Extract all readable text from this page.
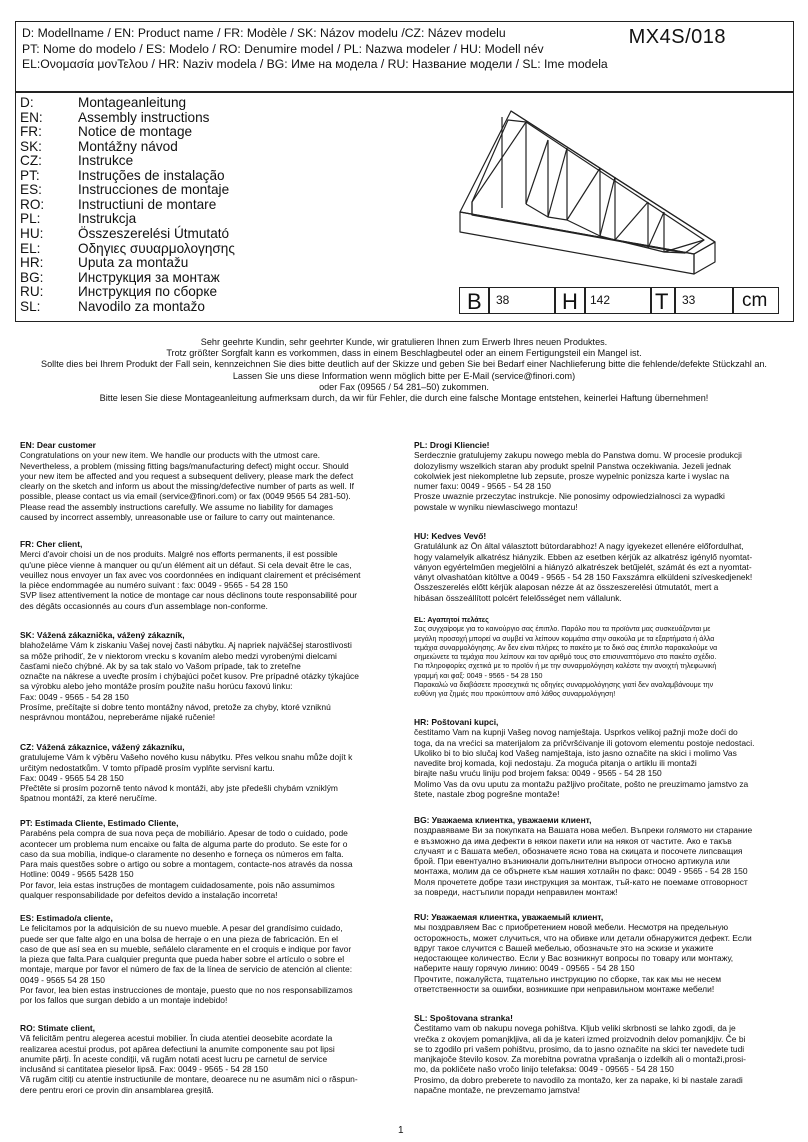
D: Modellname / EN: Product name / FR: Modèle / SK: Názov modelu /CZ: Název modelu
PT: Nome do modelo / ES: Modelo / RO: Denumire model / PL: Nazwa modeler / HU: Modell név
EL:Ονομασία μονΤελου / HR: Naziv modela / BG: Име на модела / RU: Название модели / SL: Ime modela
MX4S/018
D:	Montageanleitung
EN:	Assembly instructions
FR:	Notice de montage
SK:	Montážny návod
CZ:	Instrukce
PT:	Instruções de instalação
ES:	Instrucciones de montaje
RO: Instructiuni de montare
PL:	Instrukcja
HU:	Összeszerelési Útmutató
EL:	Οδηγιες συυαρμολογησης
HR:	Uputa za montažu
BG:	Инструкция за монтаж
RU:	Инструкция по сборке
SL:	Navodilo za montažo	B 38 H 142 T 33 cm
Sehr geehrte Kundin, sehr geehrter Kunde, wir gratulieren Ihnen zum Erwerb Ihres neuen Produktes.
Trotz größter Sorgfalt kann es vorkommen, dass in einem Beschlagbeutel oder an einem Fertigungsteil ein Mangel ist.
Sollte dies bei Ihrem Produkt der Fall sein, kennzeichnen Sie dies bitte deutlich auf der Skizze und geben Sie bei Bedarf einer Nachlieferung bitte die fehlende/defekte Stückzahl an.
Lassen Sie uns diese Information wenn möglich bitte per E-Mail (service@finori.com)
oder Fax (09565 / 54 281–50) zukommen.
Bitte lesen Sie diese Montageanleitung aufmerksam durch, da wir für Fehler, die durch eine falsche Montage entstehen, keinerlei Haftung übernehmen!
EN: Dear customer
Congratulations on your new item. We handle our products with the utmost care.
Nevertheless, a problem (missing fitting bags/manufacturing defect) might occur. Should
your new item be affected and you request a subsequent delivery, please mark the defect
clearly on the sketch and inform us about the missing/defective number of parts as well. If
possible, please contact us via email (service@finori.com) or fax (0049 9565 54 281-50).
Please read the assembly instructions carefully. We assume no liability for damages
caused by incorrect assembly, unreasonable use or failure to carry out maintenance.
FR: Cher client,
Merci d'avoir choisi un de nos produits. Malgré nos efforts permanents, il est possible
qu'une pièce vienne à manquer ou qu'un élément ait un défaut. Si cela devait être le cas,
veuillez nous envoyer un fax avec vos coordonnées en indiquant clairement et précisément
la pièce endommagée au numéro suivant : fax: 0049 - 9565 - 54 28 150
SVP lisez attentivement la notice de montage car nous déclinons toute responsabilité pour
des dégâts occasionnés au cours d'un assemblage non-conforme.
SK: Vážená zákaznička, vážený zákazník,
blahoželáme Vám k ziskaniu Vašej novej časti nábytku. Aj napriek najväčšej starostlivosti
sa môže prihodiť, že v niektorom vrecku s kovaním alebo medzi vyrobenými dielcami
časťami niečo chýbné. Ak by sa tak stalo vo Vašom prípade, tak to zreteľne
označte na nákrese a uveďte prosím i chýbajúci počet kusov. Pre prípadné otázky týkajúce
sa výrobku alebo jeho montáže prosím použite našu horúcu faxovú linku:
Fax: 0049 - 9565 - 54 28 150
Prosíme, prečítajte si dobre tento montážny návod, pretože za chyby, ktoré vzniknú
nesprávnou montážou, nepreberáme nijaké ručenie!
CZ: Vážená zákaznice, vážený zákazníku,
gratulujeme Vám k výběru Vašeho nového kusu nábytku. Přes velkou snahu může dojít k
určitým nedostatkům. V tomto případě prosím vyplňte servisní kartu.
Fax: 0049 - 9565 54 28 150
Přečtěte si prosím pozorně tento návod k montáži, aby jste předešli chybám vzniklým
špatnou montáží, za které neručíme.
PT: Estimada Cliente, Estimado Cliente,
Parabéns pela compra de sua nova peça de mobiliário. Apesar de todo o cuidado, pode
acontecer um problema num encaixe ou falta de alguma parte do produto. Se este for o
caso da sua mobília, indique-o claramente no desenho e forneça os números em falta.
Para mais questões sobre o artigo ou sobre a montagem, contacte-nos através da nossa
Hotline: 0049 - 9565 5428 150
Por favor, leia estas instruções de montagem cuidadosamente, pois não assumimos
qualquer responsabilidade por defeitos devido a instalação incorreta!
ES: Estimado/a cliente,
Le felicitamos por la adquisición de su nuevo mueble. A pesar del grandísimo cuidado,
puede ser que falte algo en una bolsa de herraje o en una pieza de fabricación. En el
caso de que así sea en su mueble, señálelo claramente en el croquis e indique por favor
la pieza que falta.Para cualquier pregunta que pueda haber sobre el artículo o sobre el
montaje, marque por favor el número de fax de la línea de servicio de atención al cliente:
0049 - 9565 54 28 150
Por favor, lea bien estas instrucciones de montaje, puesto que no nos responsabilizamos
por los fallos que surgan debido a un montaje indebido!
RO: Stimate client,
Vă felicităm pentru alegerea acestui mobilier. În ciuda atentiei deosebite acordate la
realizarea acestui produs, pot apărea defectiuni la anumite componente sau pot lipsi
anumite părți. În aceste condiții, vă rugăm notati acest lucru pe carnetul de service
inclusând si cantitatea pieselor lipsă. Fax: 0049 - 9565 - 54 28 150
Vă rugăm citiți cu atentie instructiunile de montare, deoarece nu ne asumăm nici o răspun-
dere pentru erori ce provin din ansamblarea greșită.
PL: Drogi Kliencie!
Serdecznie gratulujemy zakupu nowego mebla do Panstwa domu. W procesie produkcji
dolozylismy wszelkich staran aby produkt spelnil Panstwa oczekiwania. Jezeli jednak
cokolwiek jest niekompletne lub zepsute, prosze wypelnic ponizsza karte i wyslac na
numer faxu: 0049 - 9565 - 54 28 150
Prosze uwaznie przeczytac instrukcje. Nie ponosimy odpowiedzialnosci za wypadki
powstale w wyniku niewlasciwego montazu!
HU: Kedves Vevő!
Gratulálunk az Ön által választott bútordarabhoz! A nagy igyekezet ellenére előfordulhat,
hogy valamelyik alkatrész hiányzik. Ebben az esetben kérjük az alkatrész igénylő nyomtat-
ványon egyértelműen megjelölni a hiányzó alkatrészek betűjelét, számát és ezt a nyomtat-
ványt olvashatóan kitöltve a 0049 - 9565 - 54 28 150 Faxszámra elküldeni szíveskedjenek!
Összeszerelés előtt kérjük alaposan nézze át az összeszerelési útmutatót, mert a
hibásan összeállított polcért felelősséget nem vállalunk.
EL: Αγαπητοί πελάτες
Σας συγχαίρομε για το καινούργιο σας έπιπλο. Παρόλο που τα προϊόντα μας συσκευάζονται με
μεγάλη προσοχή μπορεί να συμβεί να λείπουν κομμάτια στην σακούλα με τα εξαρτήματα ή άλλα
τεμάχια συναρμολόγησης. Αν δεν είναι πλήρες το πακέτο με το δικό σας έπιπλο παρακαλούμε να
σημειώνετε τα τεμάχια που λείπουν και τον αριθμό τους στο επισυναπτόμενο στο πακέτο σχέδιο.
Για πληροφορίες σχετικά με το προϊόν ή με την συναρμολόγηση καλέστε την ανοιχτή τηλεφωνική
γραμμή και φαξ: 0049 - 9565 - 54 28 150
Παρακαλώ να διαβάσετε προσεχτικά τις οδηγίες συναρμολόγησης γιατί δεν αναλαμβάνουμε την
ευθύνη για ζημιές που προκύπτουν από λάθος συναρμολόγηση!
HR: Poštovani kupci,
čestitamo Vam na kupnji Vašeg novog namještaja. Usprkos velikoj pažnji može doći do
toga, da na vrećici sa materijalom za pričvršćivanje ili gotovom elementu postoje nedostaci.
Ukoliko bi to bio slučaj kod Vašeg namještaja, isto jasno označite na skici i molimo Vas
navedite broj komada, koji nedostaju. Za moguća pitanja o artiklu ili montaži
birajte našu vruću liniju pod brojem faksa: 0049 - 9565 - 54 28 150
Molimo Vas da ovu uputu za montažu pažljivo pročitate, pošto ne preuzimamo jamstvo za
štete, nastale zbog pogrešne montaže!
BG: Уважаема клиентка, уважаеми клиент,
поздравяваме Ви за покупката на Вашата нова мебел. Въпреки голямото ни старание
е възможно да има дефекти в някои пакети или на някоя от частите. Ако е такъв
случаят и с Вашата мебел, обозначете ясно това на скицата и посочете липсващия
брой. При евентуално възникнали допълнителни въпроси относно артикула или
монтажа, молим да се обърнете към нашия хотлайн по факс: 0049 - 9565 - 54 28 150
Моля прочетете добре тази инструкция за монтаж, тъй-като не поемаме отговорност
за повреди, настъпили поради неправилен монтаж!
RU: Уважаемая клиентка, уважаемый клиент,
мы поздравляем Вас с приобретением новой мебели. Несмотря на предельную
осторожность, может случиться, что на обивке или детали обнаружится дефект. Если
вдруг такое случится с Вашей мебелью, обозначьте это на эскизе и укажите
недостающее количество. Если у Вас возникнут вопросы по товару или монтажу,
наберите нашу горячую линию: 0049 - 09565 - 54 28 150
Прочтите, пожалуйста, тщательно инструкцию по сборке, так как мы не несем
ответственности за ошибки, возникшие при неправильном монтаже мебели!
SL: Spoštovana stranka!
Čestitamo vam ob nakupu novega pohištva. Kljub veliki skrbnosti se lahko zgodi, da je
vrečka z okovjem pomanjkljiva, ali da je kateri izmed proizvodnih delov pomanjkljiv. Če bi
se to zgodilo pri vašem pohištvu, prosimo, da to jasno označite na skici ter navedete tudi
manjkajoče število kosov. Za morebitna povratna vprašanja o izdelkih ali o montaži,prosi-
mo, da pokličete našo vročo linijo telefaksa: 0049 - 09565 - 54 28 150
Prosimo, da dobro preberete to navodilo za montažo, ker za napake, ki bi nastale zaradi
napačne montaže, ne prevzemamo jamstva!
1
